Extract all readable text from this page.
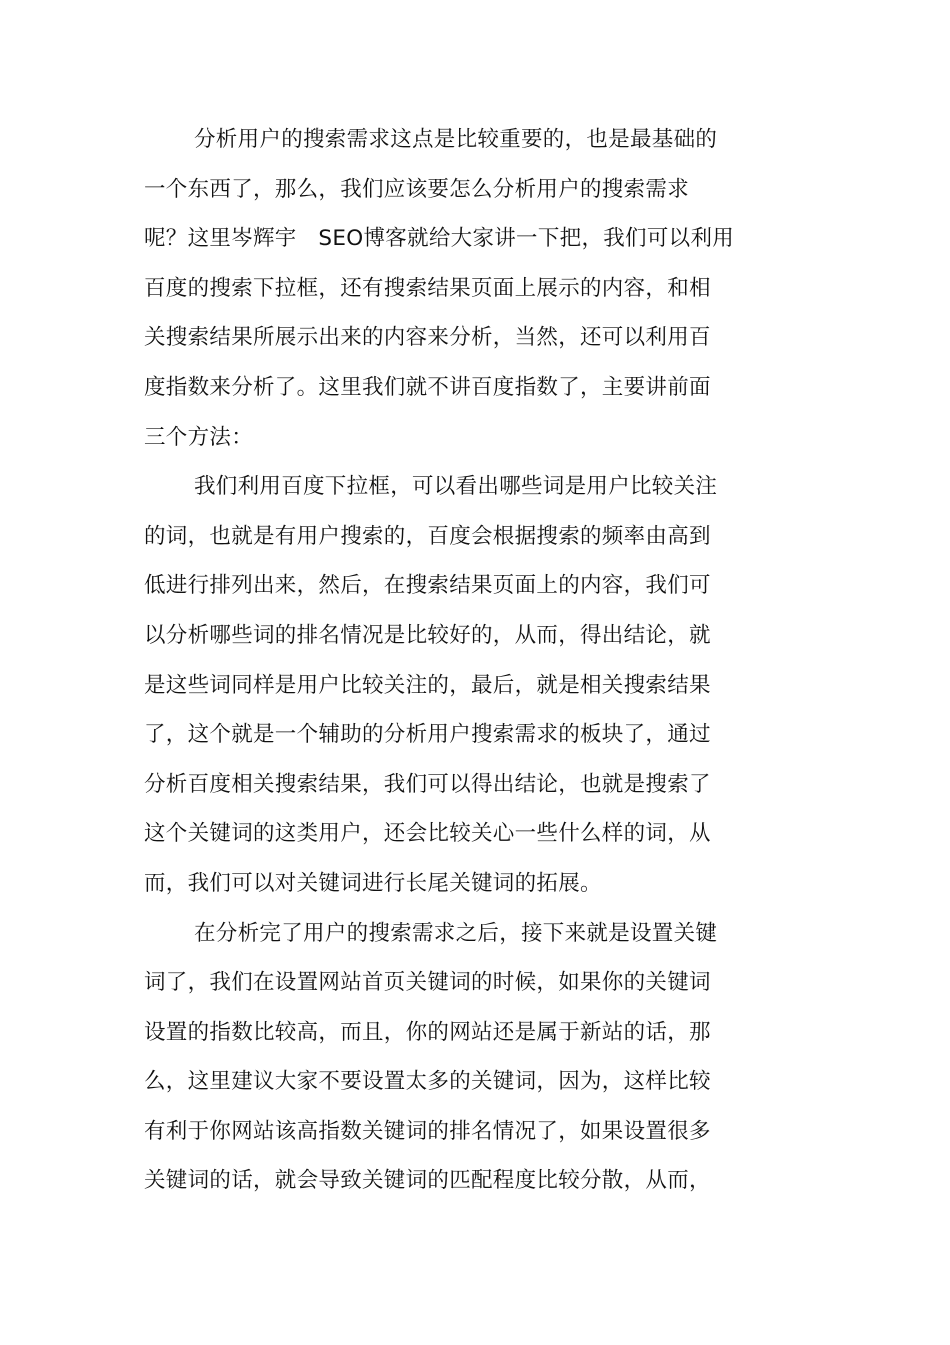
分析用户的搜索需求这点是比较重要的，也是最基础的
一个东西了，那么，我们应该要怎么分析用户的搜索需求
呢？这里岑辉宇　SEO博客就给大家讲一下把，我们可以利用
百度的搜索下拉框，还有搜索结果页面上展示的内容，和相
关搜索结果所展示出来的内容来分析，当然，还可以利用百
度指数来分析了。这里我们就不讲百度指数了，主要讲前面
三个方法：
我们利用百度下拉框，可以看出哪些词是用户比较关注
的词，也就是有用户搜索的，百度会根据搜索的频率由高到
低进行排列出来，然后，在搜索结果页面上的内容，我们可
以分析哪些词的排名情况是比较好的，从而，得出结论，就
是这些词同样是用户比较关注的，最后，就是相关搜索结果
了，这个就是一个辅助的分析用户搜索需求的板块了，通过
分析百度相关搜索结果，我们可以得出结论，也就是搜索了
这个关键词的这类用户，还会比较关心一些什么样的词，从
而，我们可以对关键词进行长尾关键词的拓展。
在分析完了用户的搜索需求之后，接下来就是设置关键
词了，我们在设置网站首页关键词的时候，如果你的关键词
设置的指数比较高，而且，你的网站还是属于新站的话，那
么，这里建议大家不要设置太多的关键词，因为，这样比较
有利于你网站该高指数关键词的排名情况了，如果设置很多
关键词的话，就会导致关键词的匹配程度比较分散，从而，
